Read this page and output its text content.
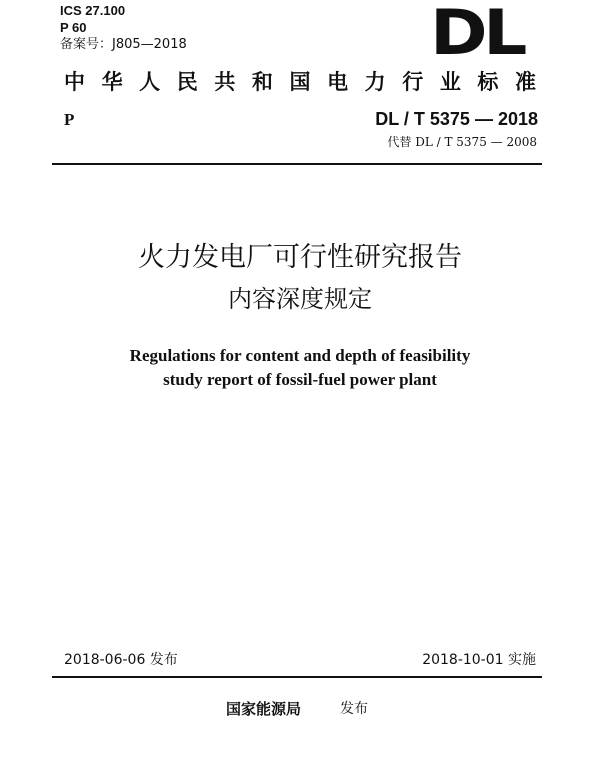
ICS 27.100
P 60
备案号：J805—2018	DL
中华人民共和国电力行业标准
P	DL / T 5375 — 2018
代替 DL / T 5375 — 2008
火力发电厂可行性研究报告
内容深度规定
Regulations for content and depth of feasibility
study report of fossil-fuel power plant
2018-06-06 发布	2018-10-01 实施
国家能源局	发布
